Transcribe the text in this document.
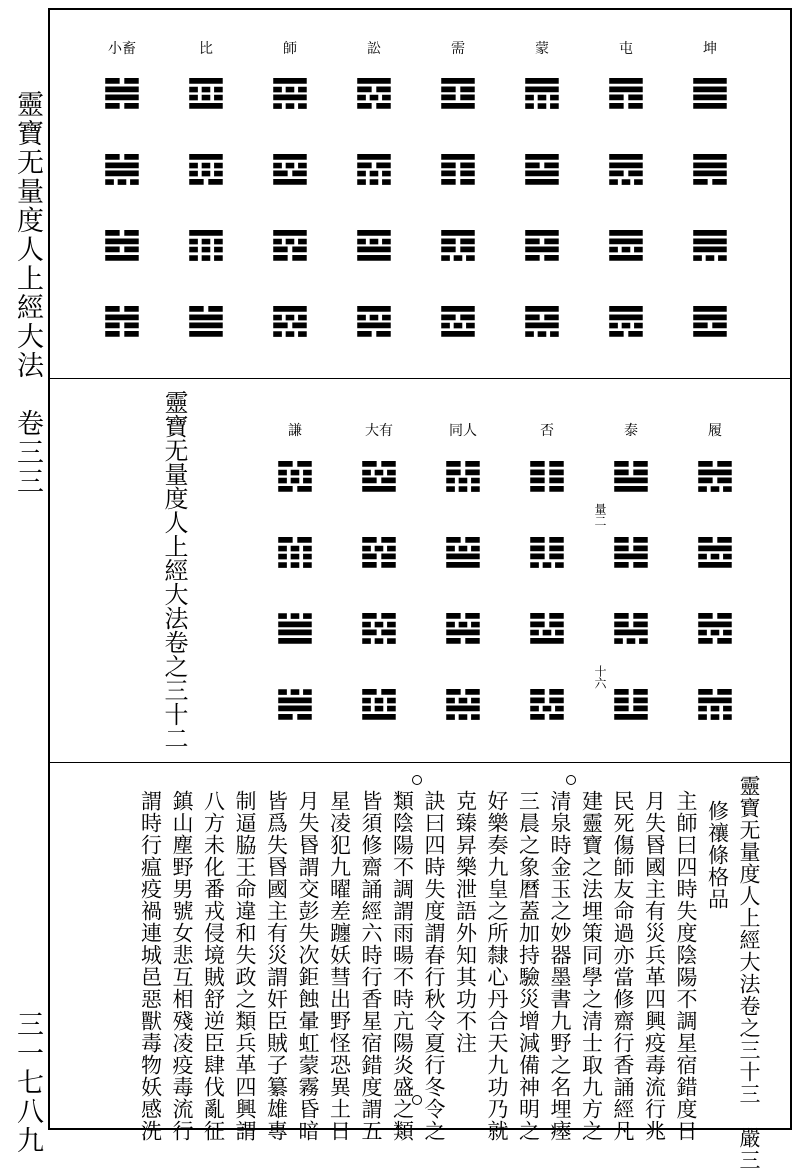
靈寶无量度人上經大法　卷三三
三一七八九
坤
𝌆
𝌇
𝌈
𝌉
屯
𝌊
𝌋
𝌌
𝌍
蒙
𝌎
𝌏
𝌐
𝌑
需
𝌒
𝌓
𝌔
𝌕
訟
𝌖
𝌗
𝌘
𝌙
師
𝌚
𝌛
𝌜
𝌝
比
𝌞
𝌟
𝌠
𝌡
小畜
𝌢
𝌣
𝌤
𝌥
履
𝌦
𝌧
𝌨
𝌩
泰
𝌪
𝌫
𝌬
𝌭
否
𝌮
𝌯
𝌰
𝌱
同人
𝌲
𝌳
𝌴
𝌵
大有
𝌶
𝌷
𝌸
𝌹
謙
𝌺
𝌻
𝌼
𝌽
量二
十六
靈寶无量度人上經大法卷之三十二
靈寶无量度人上經大法卷之三十三　嚴三
修禳條格品
主師曰四時失度陰陽不調星宿錯度日
月失昬國主有災兵革四興疫毒流行兆
民死傷師友命過亦當修齋行香誦經凡
建靈寶之法埋策同學之清士取九方之
清泉時金玉之妙器墨書九野之名埋瘞
三晨之象曆蓋加持驗災增減備神明之
好樂奏九皇之所隸心丹合天九功乃就
克臻昇樂泄語外知其功不注
訣曰四時失度謂春行秋令夏行冬令之
類陰陽不調謂雨暘不時亢陽炎盛之類
皆須修齋誦經六時行香星宿錯度謂五
星凌犯九曜差躔妖彗出野怪恐異土日
月失昬謂交彭失次鉅蝕暈虹蒙霧昏暗
皆爲失昬國主有災謂奸臣賊子纂雄專
制逼脇王命違和失政之類兵革四興謂
八方未化番戎侵境賊舒逆臣肆伐亂征
鎮山塵野男號女悲互相殘凌疫毒流行
謂時行瘟疫禍連城邑惡獸毒物妖感洗
